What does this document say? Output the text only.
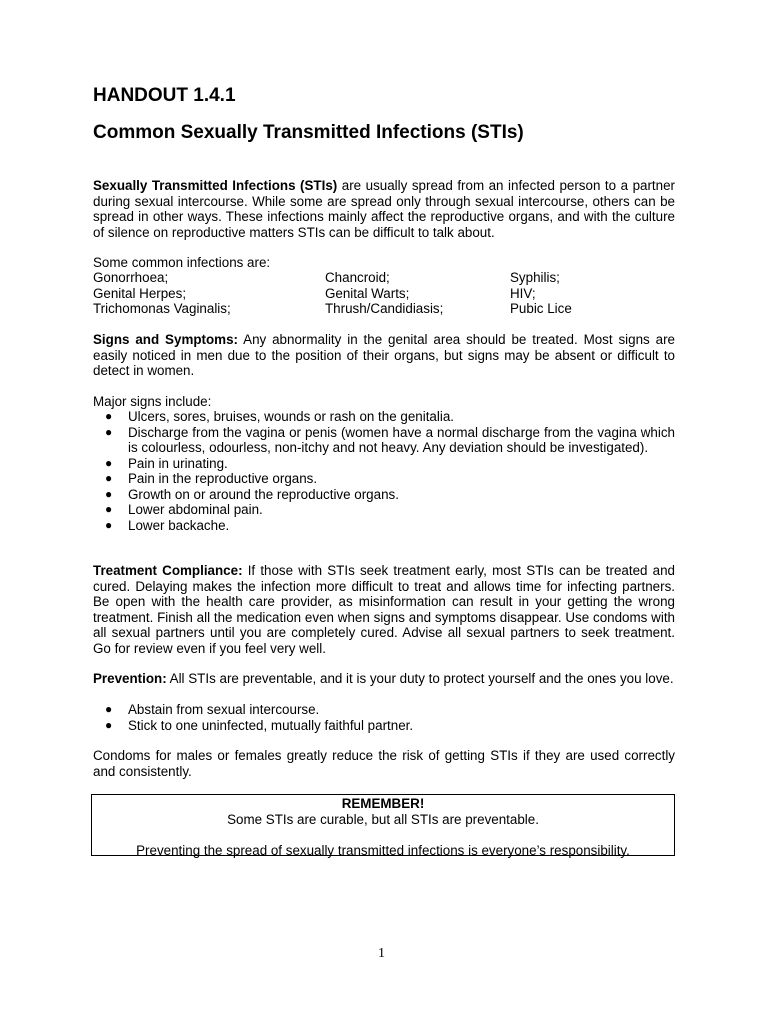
HANDOUT 1.4.1
Common Sexually Transmitted Infections (STIs)

Sexually Transmitted Infections (STIs) are usually spread from an infected person to a partner during sexual intercourse. While some are spread only through sexual intercourse, others can be spread in other ways. These infections mainly affect the reproductive organs, and with the culture of silence on reproductive matters STIs can be difficult to talk about.

Some common infections are:

Gonorrhoea;	Chancroid;	Syphilis;
Genital Herpes;	Genital Warts;	HIV;
Trichomonas Vaginalis;	Thrush/Candidiasis;	Pubic Lice

Signs and Symptoms: Any abnormality in the genital area should be treated. Most signs are easily noticed in men due to the position of their organs, but signs may be absent or difficult to detect in women.

Major signs include:

● Ulcers, sores, bruises, wounds or rash on the genitalia.
● Discharge from the vagina or penis (women have a normal discharge from the vagina which is colourless, odourless, non-itchy and not heavy. Any deviation should be investigated).
● Pain in urinating.
● Pain in the reproductive organs.
● Growth on or around the reproductive organs.
● Lower abdominal pain.
● Lower backache.

Treatment Compliance: If those with STIs seek treatment early, most STIs can be treated and cured. Delaying makes the infection more difficult to treat and allows time for infecting partners. Be open with the health care provider, as misinformation can result in your getting the wrong treatment. Finish all the medication even when signs and symptoms disappear. Use condoms with all sexual partners until you are completely cured. Advise all sexual partners to seek treatment. Go for review even if you feel very well.

Prevention: All STIs are preventable, and it is your duty to protect yourself and the ones you love.

● Abstain from sexual intercourse.
● Stick to one uninfected, mutually faithful partner.

Condoms for males or females greatly reduce the risk of getting STIs if they are used correctly and consistently.

REMEMBER!
Some STIs are curable, but all STIs are preventable.
Preventing the spread of sexually transmitted infections is everyone’s responsibility.
1
